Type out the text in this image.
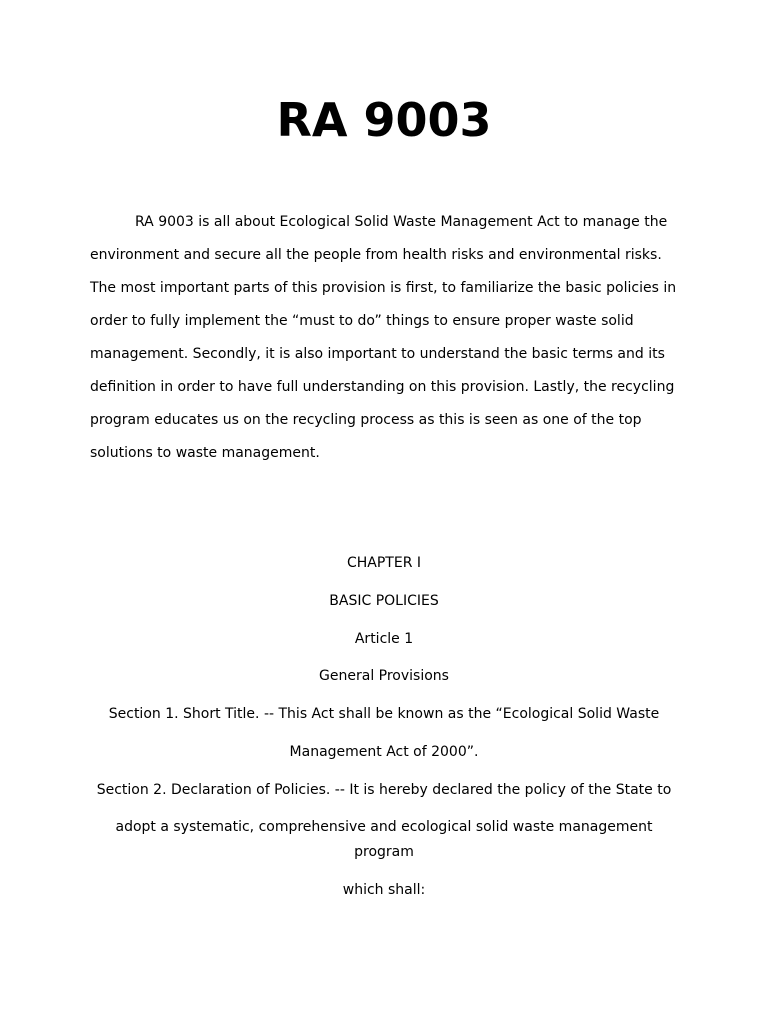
RA 9003

RA 9003 is all about Ecological Solid Waste Management Act to manage the
environment and secure all the people from health risks and environmental risks.
The most important parts of this provision is first, to familiarize the basic policies in
order to fully implement the “must to do” things to ensure proper waste solid
management. Secondly, it is also important to understand the basic terms and its
definition in order to have full understanding on this provision. Lastly, the recycling
program educates us on the recycling process as this is seen as one of the top
solutions to waste management.

CHAPTER I

BASIC POLICIES

Article 1

General Provisions

Section 1. Short Title. -- This Act shall be known as the “Ecological Solid Waste

Management Act of 2000”.

Section 2. Declaration of Policies. -- It is hereby declared the policy of the State to

adopt a systematic, comprehensive and ecological solid waste management
program

which shall:
